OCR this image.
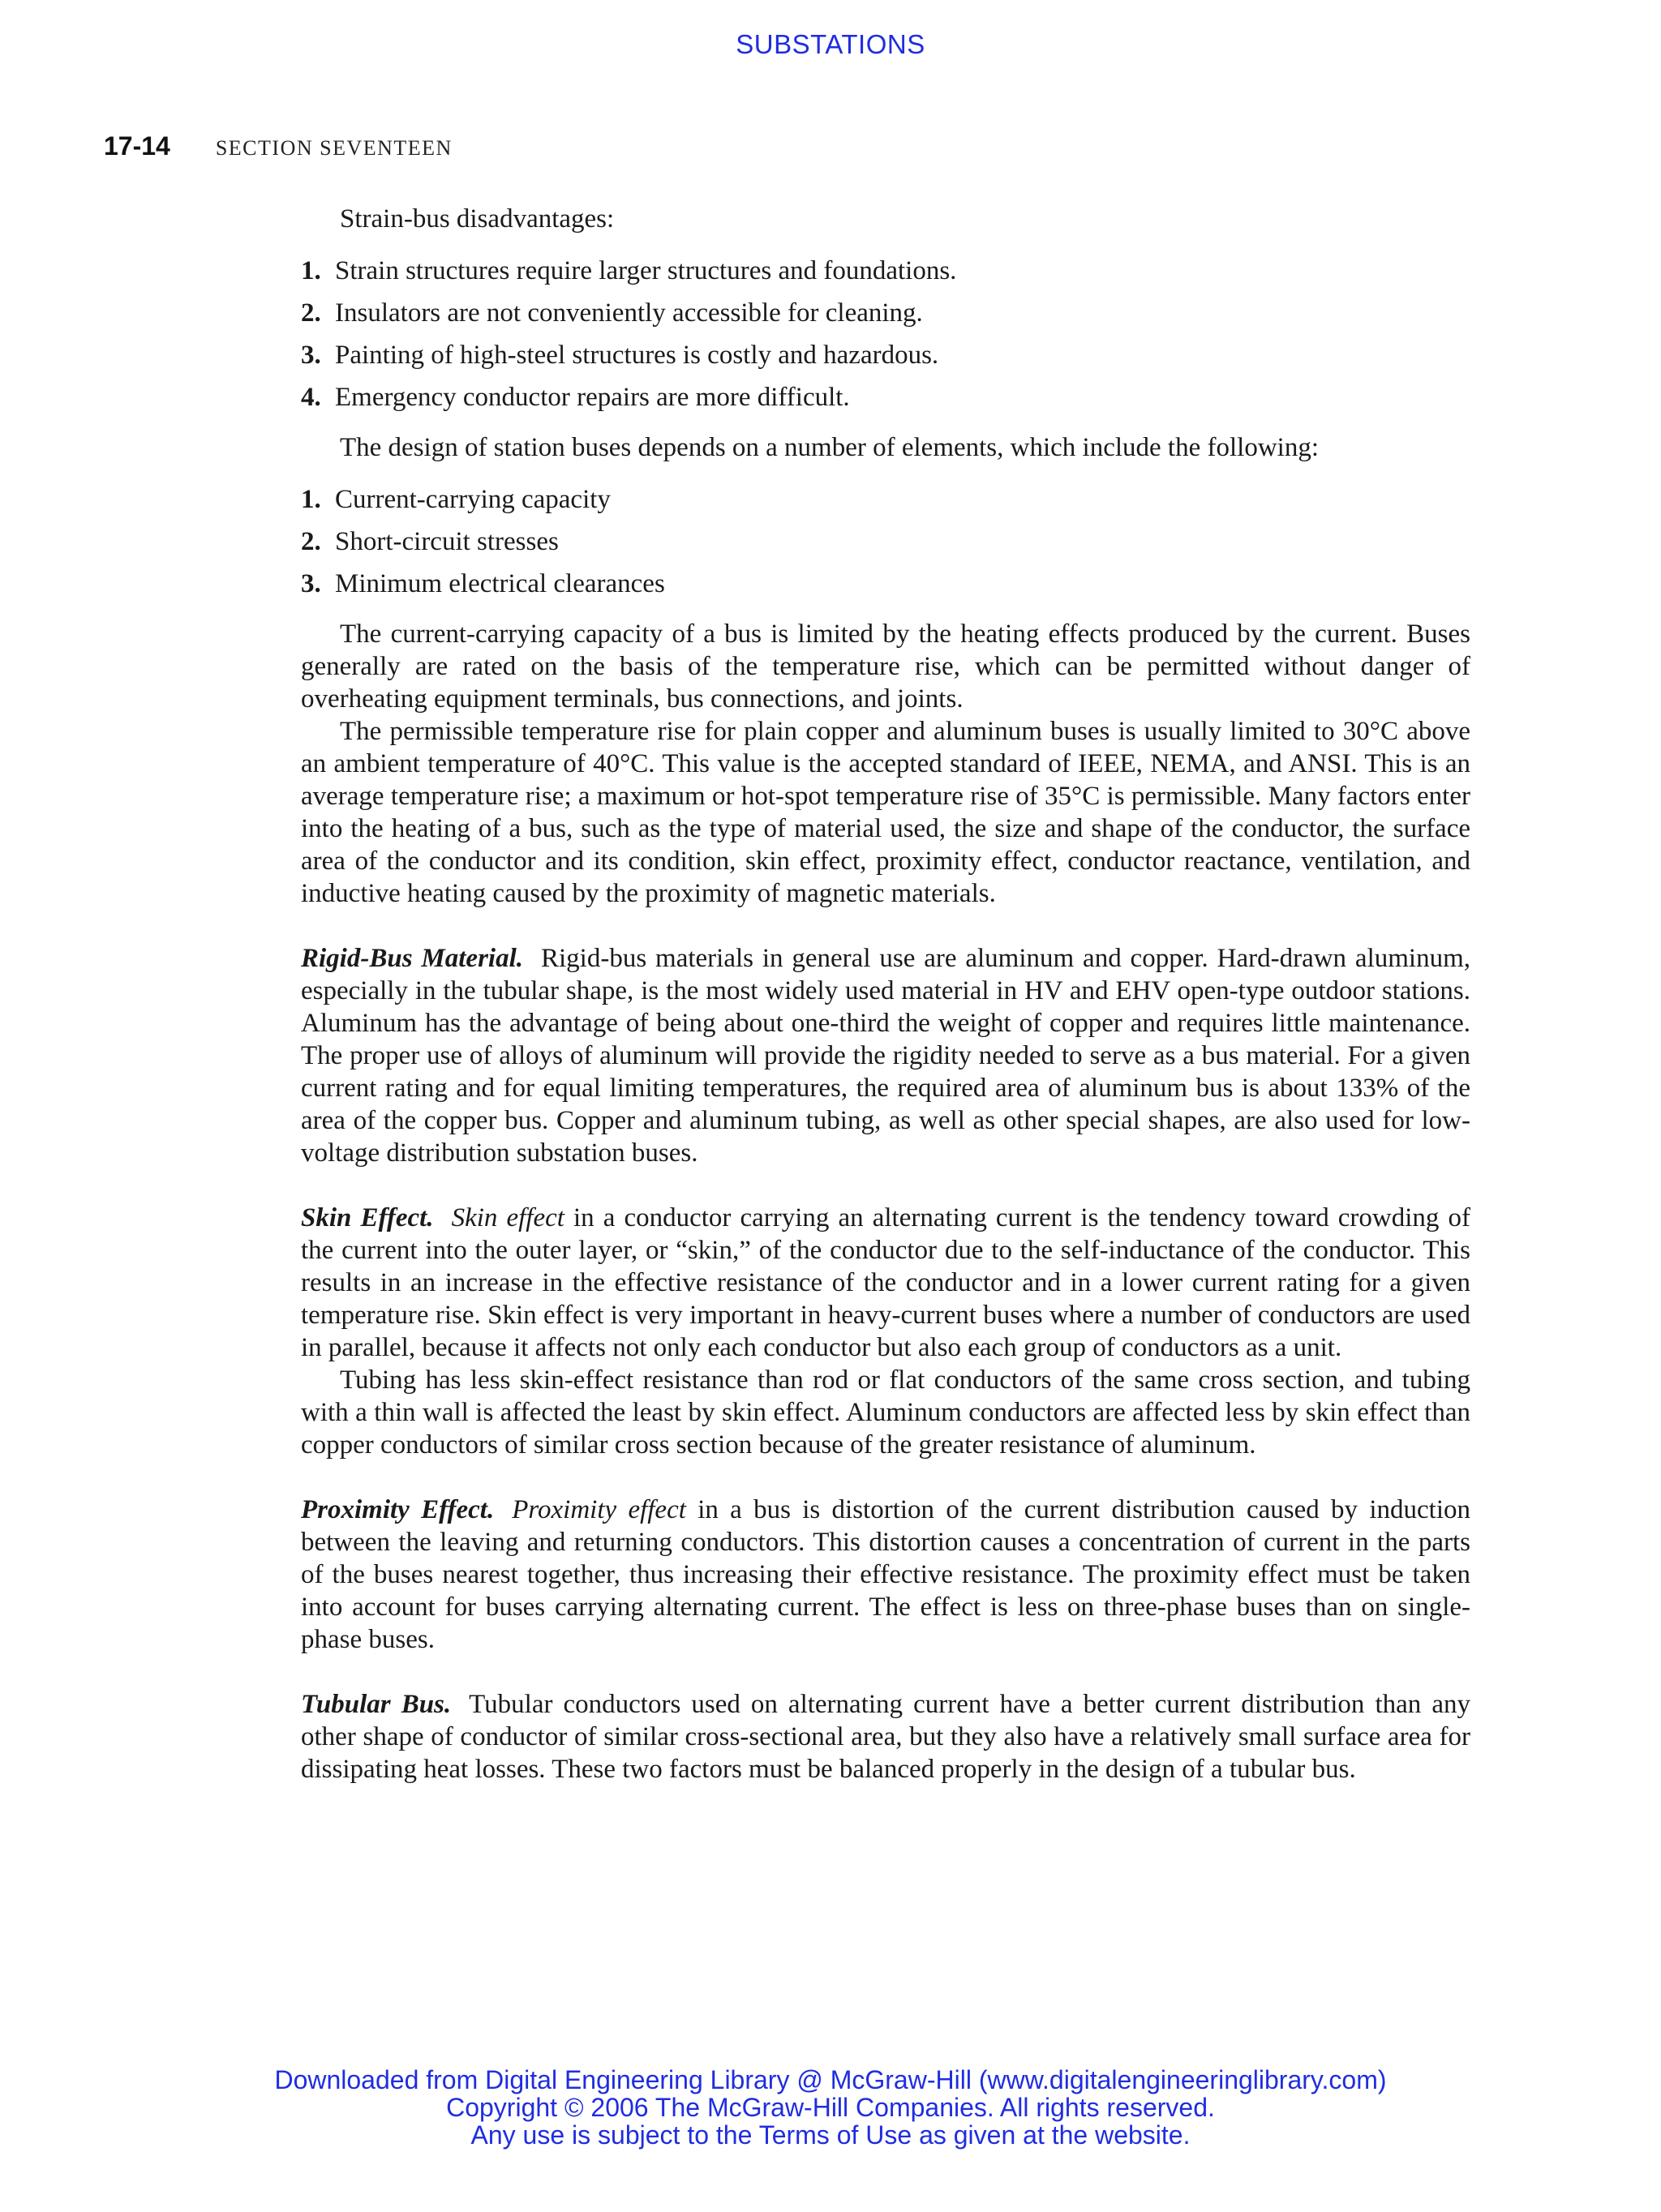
SUBSTATIONS
17-14 SECTION SEVENTEEN

Strain-bus disadvantages:

1. Strain structures require larger structures and foundations.
2. Insulators are not conveniently accessible for cleaning.
3. Painting of high-steel structures is costly and hazardous.
4. Emergency conductor repairs are more difficult.

The design of station buses depends on a number of elements, which include the following:

1. Current-carrying capacity
2. Short-circuit stresses
3. Minimum electrical clearances

The current-carrying capacity of a bus is limited by the heating effects produced by the current. Buses generally are rated on the basis of the temperature rise, which can be permitted without danger of overheating equipment terminals, bus connections, and joints.

The permissible temperature rise for plain copper and aluminum buses is usually limited to 30°C above an ambient temperature of 40°C. This value is the accepted standard of IEEE, NEMA, and ANSI. This is an average temperature rise; a maximum or hot-spot temperature rise of 35°C is permissible. Many factors enter into the heating of a bus, such as the type of material used, the size and shape of the conductor, the surface area of the conductor and its condition, skin effect, proximity effect, conductor reactance, ventilation, and inductive heating caused by the proximity of magnetic materials.

Rigid-Bus Material. Rigid-bus materials in general use are aluminum and copper. Hard-drawn aluminum, especially in the tubular shape, is the most widely used material in HV and EHV open-type outdoor stations. Aluminum has the advantage of being about one-third the weight of copper and requires little maintenance. The proper use of alloys of aluminum will provide the rigidity needed to serve as a bus material. For a given current rating and for equal limiting temperatures, the required area of aluminum bus is about 133% of the area of the copper bus. Copper and aluminum tubing, as well as other special shapes, are also used for low-voltage distribution substation buses.

Skin Effect. Skin effect in a conductor carrying an alternating current is the tendency toward crowding of the current into the outer layer, or “skin,” of the conductor due to the self-inductance of the conductor. This results in an increase in the effective resistance of the conductor and in a lower current rating for a given temperature rise. Skin effect is very important in heavy-current buses where a number of conductors are used in parallel, because it affects not only each conductor but also each group of conductors as a unit.

Tubing has less skin-effect resistance than rod or flat conductors of the same cross section, and tubing with a thin wall is affected the least by skin effect. Aluminum conductors are affected less by skin effect than copper conductors of similar cross section because of the greater resistance of aluminum.

Proximity Effect. Proximity effect in a bus is distortion of the current distribution caused by induction between the leaving and returning conductors. This distortion causes a concentration of current in the parts of the buses nearest together, thus increasing their effective resistance. The proximity effect must be taken into account for buses carrying alternating current. The effect is less on three-phase buses than on single-phase buses.

Tubular Bus. Tubular conductors used on alternating current have a better current distribution than any other shape of conductor of similar cross-sectional area, but they also have a relatively small surface area for dissipating heat losses. These two factors must be balanced properly in the design of a tubular bus.

Downloaded from Digital Engineering Library @ McGraw-Hill (www.digitalengineeringlibrary.com)
Copyright © 2006 The McGraw-Hill Companies. All rights reserved.
Any use is subject to the Terms of Use as given at the website.
